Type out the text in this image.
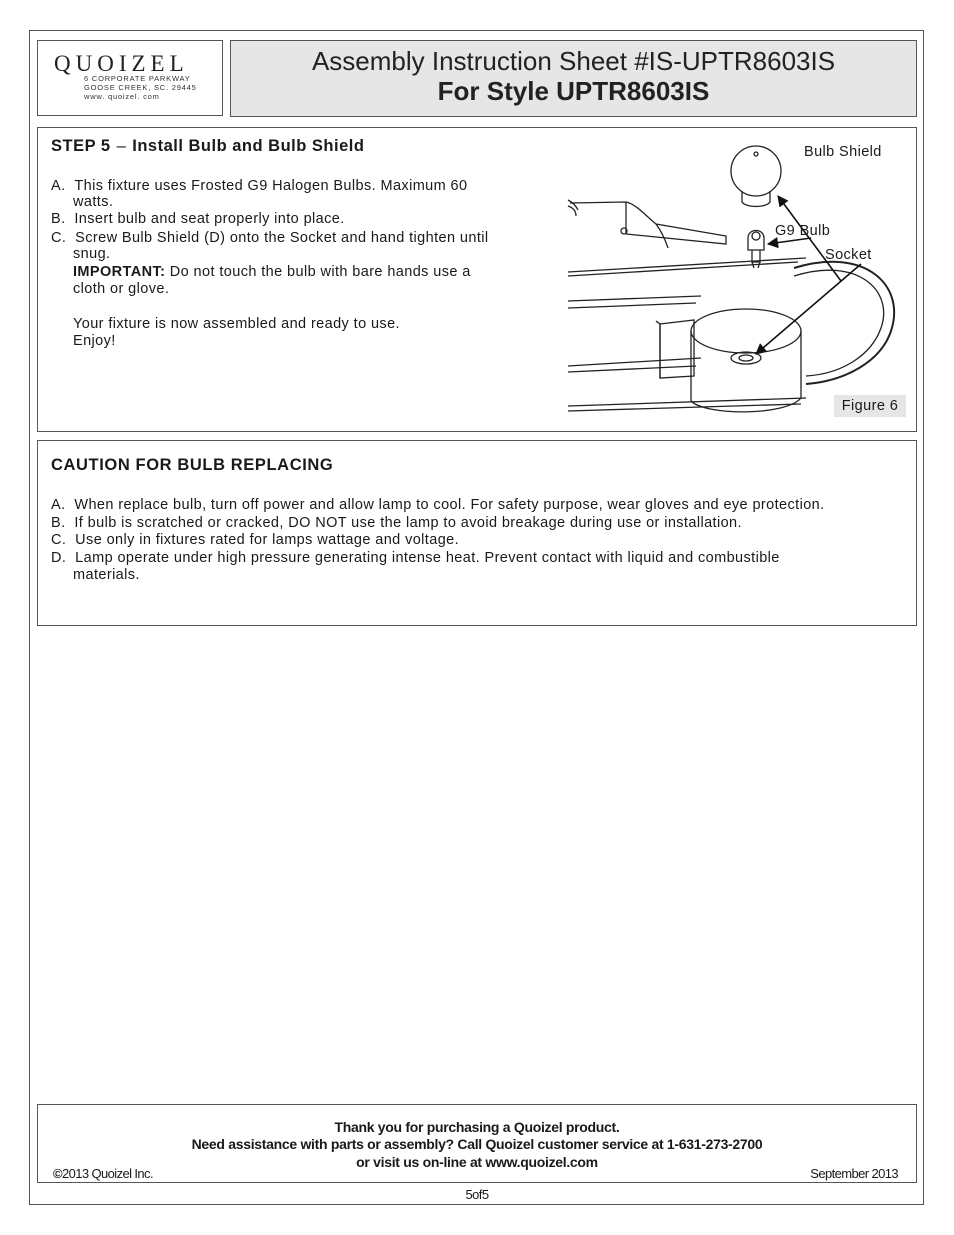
QUOIZEL
6 CORPORATE PARKWAY
GOOSE CREEK, SC. 29445
www. quoizel. com
Assembly Instruction Sheet #IS-UPTR8603IS
For Style UPTR8603IS
STEP 5 – Install Bulb and Bulb Shield
A. This fixture uses Frosted G9 Halogen Bulbs. Maximum 60
watts.
B. Insert bulb and seat properly into place.
C. Screw Bulb Shield (D) onto the Socket and hand tighten until
snug.
IMPORTANT: Do not touch the bulb with bare hands use a
cloth or glove.
Your fixture is now assembled and ready to use.
Enjoy!
Bulb Shield
G9 Bulb
Socket
Figure 6
CAUTION FOR BULB REPLACING
A. When replace bulb, turn off power and allow lamp to cool. For safety purpose, wear gloves and eye protection.
B. If bulb is scratched or cracked, DO NOT use the lamp to avoid breakage during use or installation.
C. Use only in fixtures rated for lamps wattage and voltage.
D. Lamp operate under high pressure generating intense heat. Prevent contact with liquid and combustible
materials.
Thank you for purchasing a Quoizel product.
Need assistance with parts or assembly? Call Quoizel customer service at 1-631-273-2700
or visit us on-line at www.quoizel.com
©2013 Quoizel Inc.	September 2013
5of5
